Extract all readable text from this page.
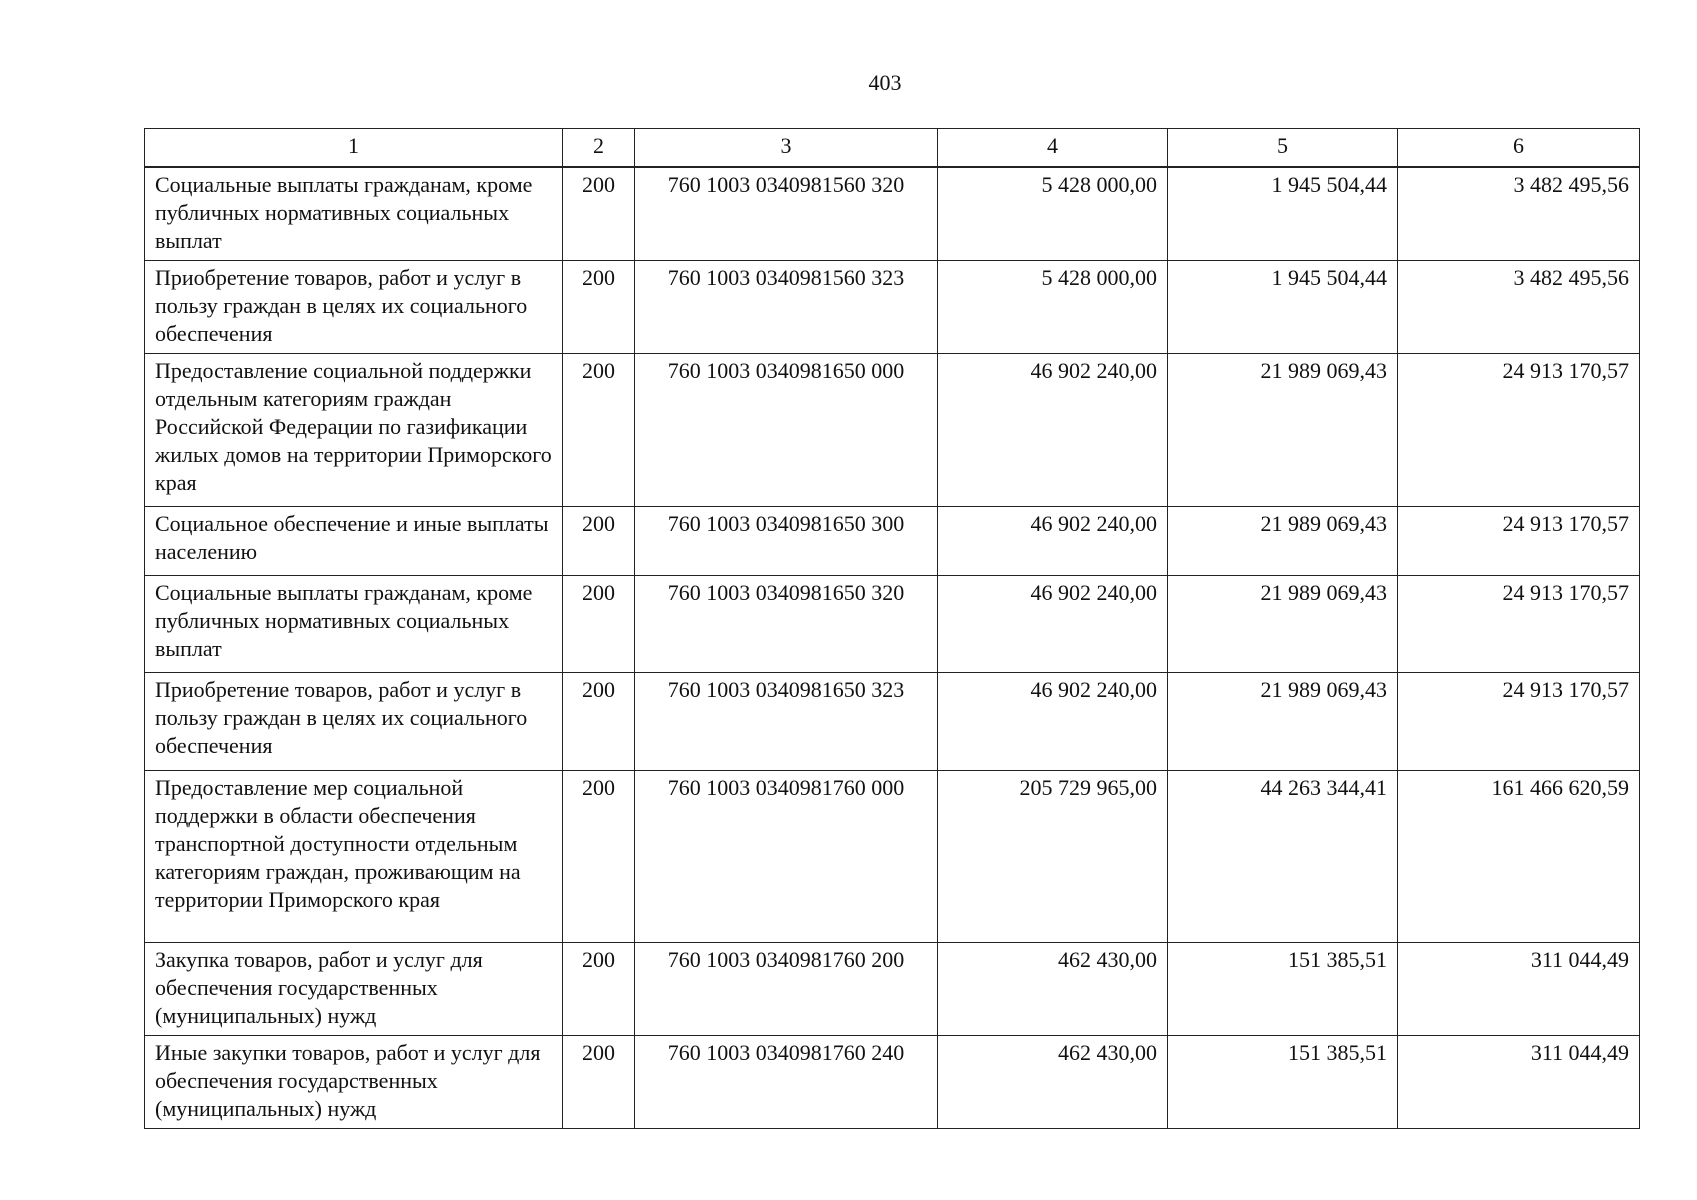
403
1	2	3	4	5	6
Социальные выплаты гражданам, кроме публичных нормативных социальных выплат	200	760 1003 0340981560 320	5 428 000,00	1 945 504,44	3 482 495,56
Приобретение товаров, работ и услуг в пользу граждан в целях их социального обеспечения	200	760 1003 0340981560 323	5 428 000,00	1 945 504,44	3 482 495,56
Предоставление социальной поддержки отдельным категориям граждан Российской Федерации по газификации жилых домов на территории Приморского края	200	760 1003 0340981650 000	46 902 240,00	21 989 069,43	24 913 170,57
Социальное обеспечение и иные выплаты населению	200	760 1003 0340981650 300	46 902 240,00	21 989 069,43	24 913 170,57
Социальные выплаты гражданам, кроме публичных нормативных социальных выплат	200	760 1003 0340981650 320	46 902 240,00	21 989 069,43	24 913 170,57
Приобретение товаров, работ и услуг в пользу граждан в целях их социального обеспечения	200	760 1003 0340981650 323	46 902 240,00	21 989 069,43	24 913 170,57
Предоставление мер социальной поддержки в области обеспечения транспортной доступности отдельным категориям граждан, проживающим на территории Приморского края	200	760 1003 0340981760 000	205 729 965,00	44 263 344,41	161 466 620,59
Закупка товаров, работ и услуг для обеспечения государственных (муниципальных) нужд	200	760 1003 0340981760 200	462 430,00	151 385,51	311 044,49
Иные закупки товаров, работ и услуг для обеспечения государственных (муниципальных) нужд	200	760 1003 0340981760 240	462 430,00	151 385,51	311 044,49
